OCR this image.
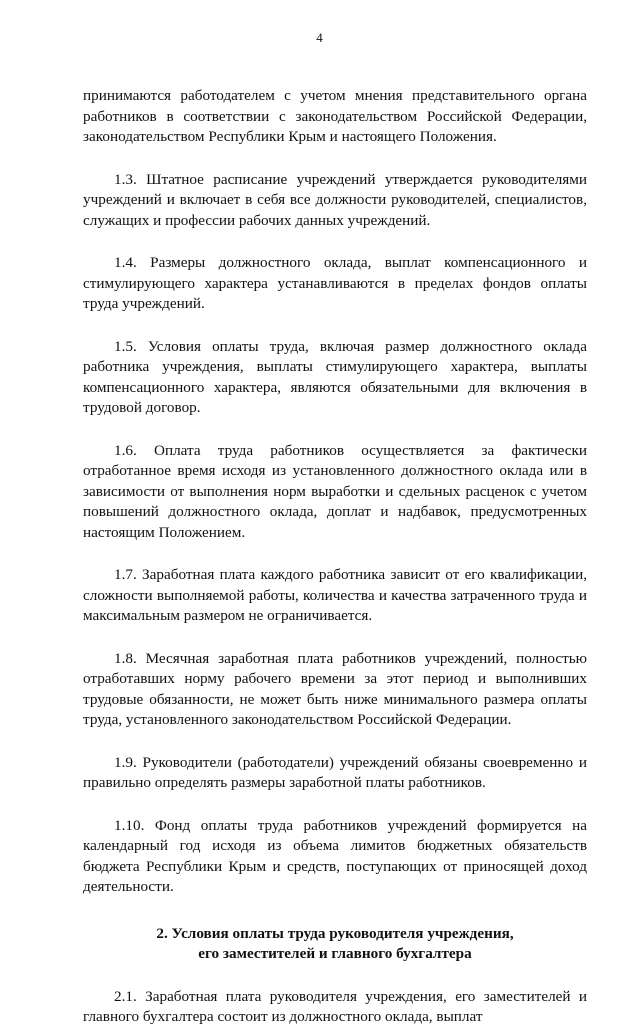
4

принимаются работодателем с учетом мнения представительного органа работников в соответствии с законодательством Российской Федерации, законодательством Республики Крым и настоящего Положения.

1.3. Штатное расписание учреждений утверждается руководителями учреждений и включает в себя все должности руководителей, специалистов, служащих и профессии рабочих данных учреждений.

1.4. Размеры должностного оклада, выплат компенсационного и стимулирующего характера устанавливаются в пределах фондов оплаты труда учреждений.

1.5. Условия оплаты труда, включая размер должностного оклада работника учреждения, выплаты стимулирующего характера, выплаты компенсационного характера, являются обязательными для включения в трудовой договор.

1.6. Оплата труда работников осуществляется за фактически отработанное время исходя из установленного должностного оклада или в зависимости от выполнения норм выработки и сдельных расценок с учетом повышений должностного оклада, доплат и надбавок, предусмотренных настоящим Положением.

1.7. Заработная плата каждого работника зависит от его квалификации, сложности выполняемой работы, количества и качества затраченного труда и максимальным размером не ограничивается.

1.8. Месячная заработная плата работников учреждений, полностью отработавших норму рабочего времени за этот период и выполнивших трудовые обязанности, не может быть ниже минимального размера оплаты труда, установленного законодательством Российской Федерации.

1.9. Руководители (работодатели) учреждений обязаны своевременно и правильно определять размеры заработной платы работников.

1.10. Фонд оплаты труда работников учреждений формируется на календарный год исходя из объема лимитов бюджетных обязательств бюджета Республики Крым и средств, поступающих от приносящей доход деятельности.

2. Условия оплаты труда руководителя учреждения,
его заместителей и главного бухгалтера

2.1. Заработная плата руководителя учреждения, его заместителей и главного бухгалтера состоит из должностного оклада, выплат
